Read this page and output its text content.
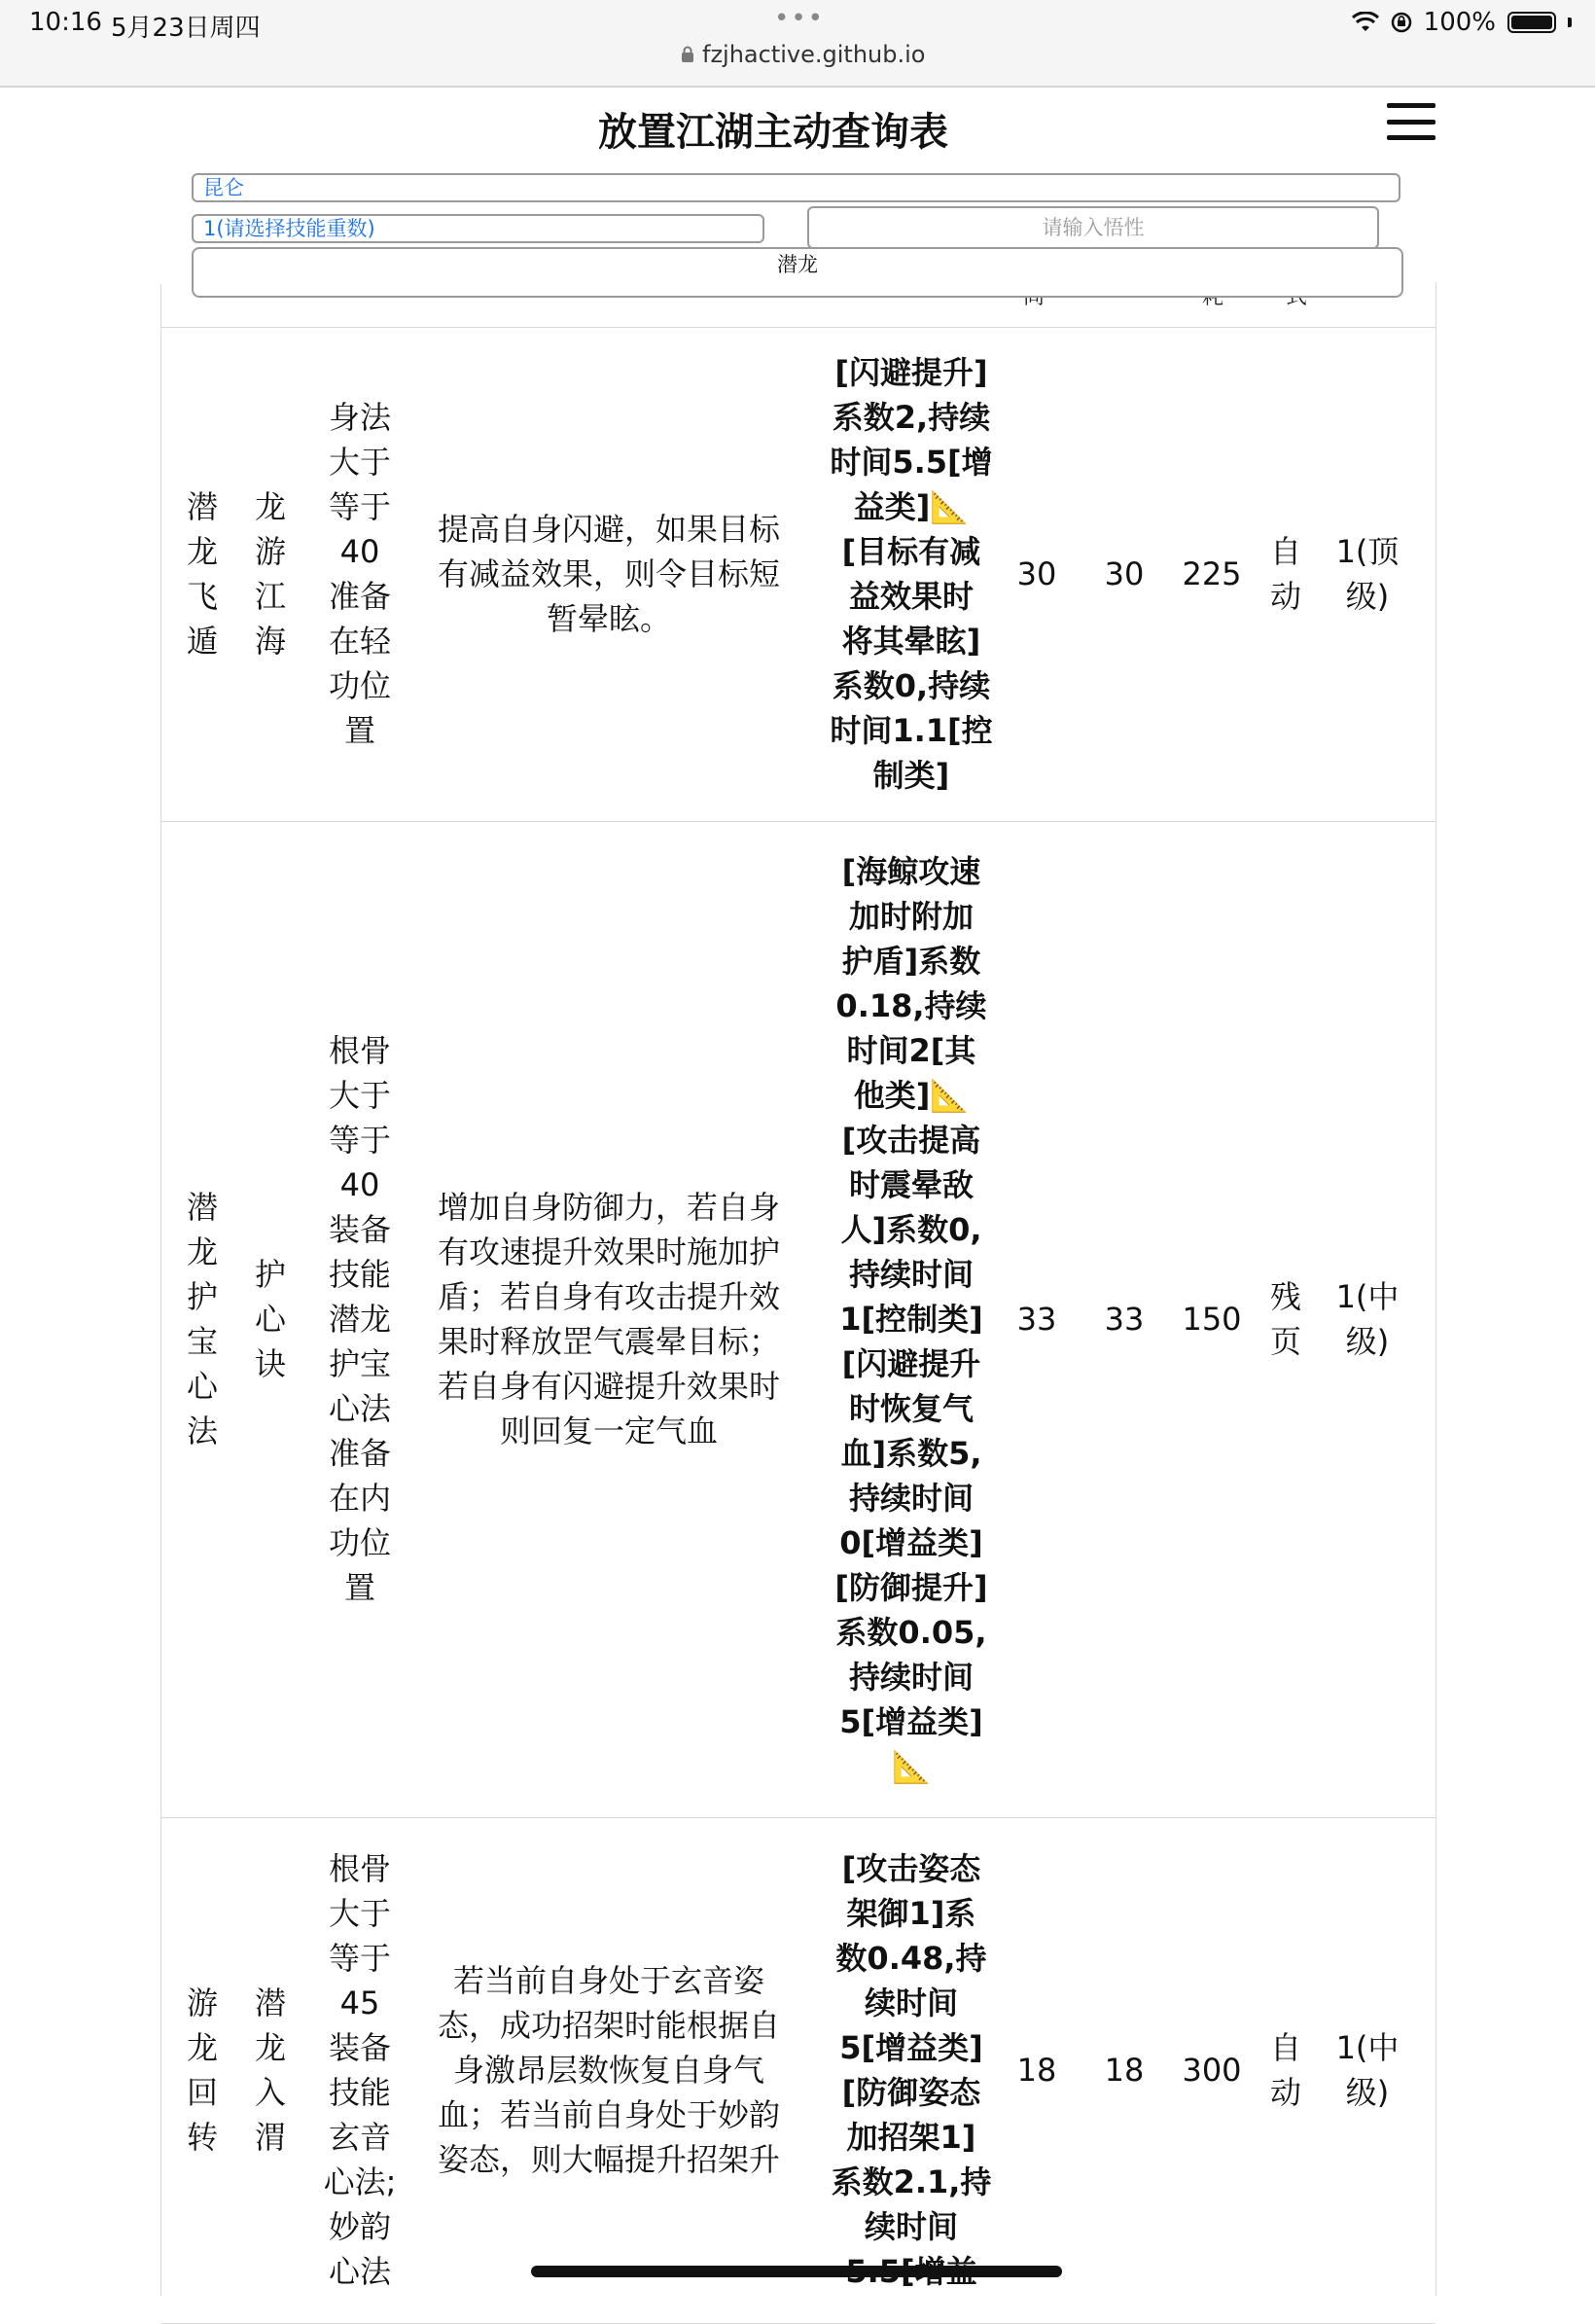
10:16 5月23日周四	•••
fzjhactive.github.io
100%
潜
龙
飞
遁
龙
游
江
海
身法
大于
等于
40
准备
在轻
功位
置
提高自身闪避，如果目标
有减益效果，则令目标短
暂晕眩。
[闪避提升]
系数2,持续
时间5.5[增
益类]📐
[目标有减
益效果时
将其晕眩]
系数0,持续
时间1.1[控
制类]
30 30 225
自
动
1(顶
级)
潜
龙
护
宝
心
法
护
心
诀
根骨
大于
等于
40
装备
技能
潜龙
护宝
心法
准备
在内
功位
置
增加自身防御力，若自身
有攻速提升效果时施加护
盾；若自身有攻击提升效
果时释放罡气震晕目标；
若自身有闪避提升效果时
则回复一定气血
[海鲸攻速
加时附加
护盾]系数
0.18,持续
时间2[其
他类]📐
[攻击提高
时震晕敌
人]系数0,
持续时间
1[控制类]
[闪避提升
时恢复气
血]系数5,
持续时间
0[增益类]
[防御提升]
系数0.05,
持续时间
5[增益类]
📐
33 33 150
残
页
1(中
级)
游
龙
回
转
潜
龙
入
渭
根骨
大于
等于
45
装备
技能
玄音
心法;
妙韵
心法
若当前自身处于玄音姿
态，成功招架时能根据自
身激昂层数恢复自身气
血；若当前自身处于妙韵
姿态，则大幅提升招架升
[攻击姿态
架御1]系
数0.48,持
续时间
5[增益类]
[防御姿态
加招架1]
系数2.1,持
续时间
18 18 300
自
动
1(中
级)
放置江湖主动查询表
昆仑
1(请选择技能重数)	请输入悟性
潜龙
